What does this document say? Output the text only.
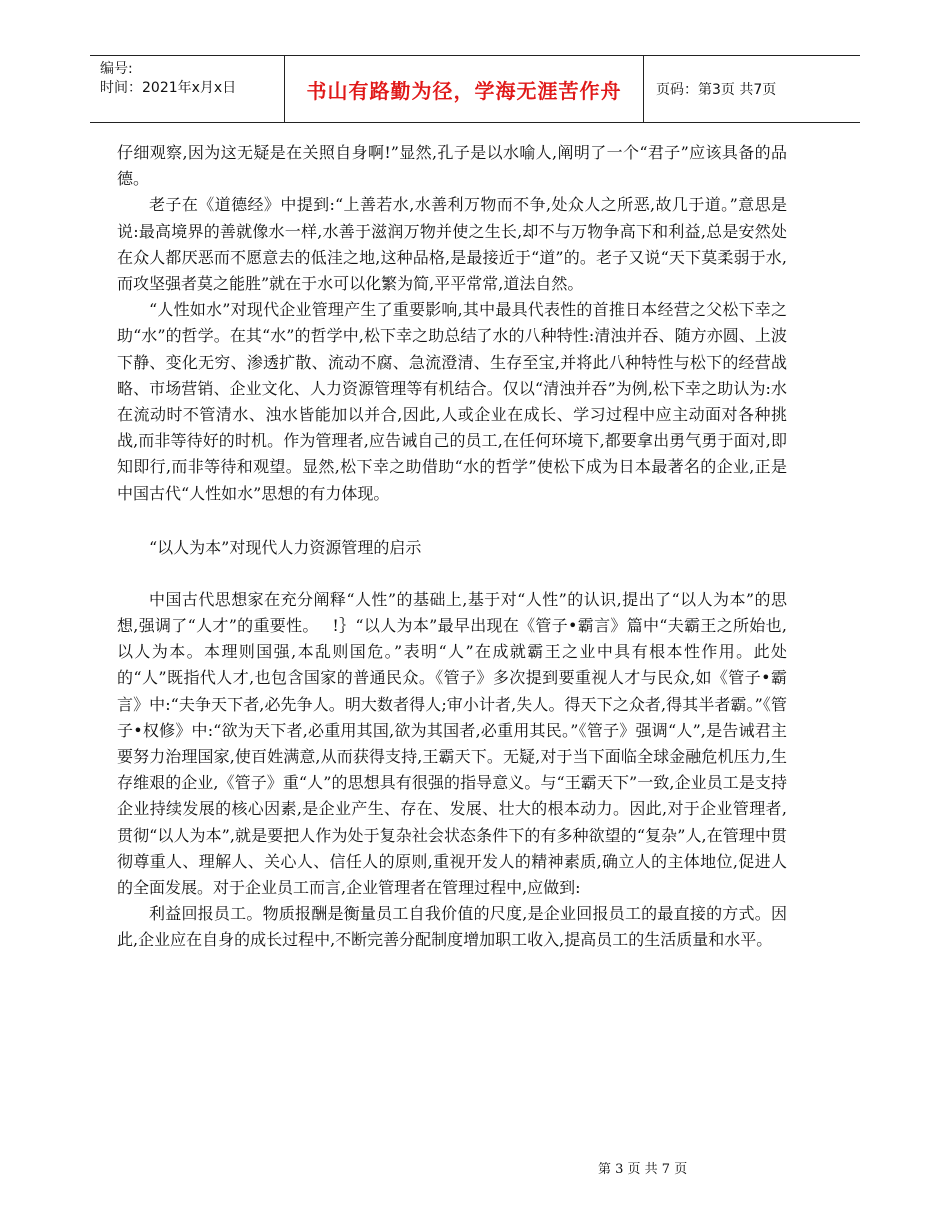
编号:
时间：2021年x月x日	书山有路勤为径，学海无涯苦作舟	页码：第3页 共7页

仔细观察,因为这无疑是在关照自身啊!”显然,孔子是以水喻人,阐明了一个“君子”应该具备的品德。

老子在《道德经》中提到:“上善若水,水善利万物而不争,处众人之所恶,故几于道。”意思是说:最高境界的善就像水一样,水善于滋润万物并使之生长,却不与万物争高下和利益,总是安然处在众人都厌恶而不愿意去的低洼之地,这种品格,是最接近于“道”的。老子又说“天下莫柔弱于水,而攻坚强者莫之能胜”就在于水可以化繁为简,平平常常,道法自然。

“人性如水”对现代企业管理产生了重要影响,其中最具代表性的首推日本经营之父松下幸之助“水”的哲学。在其“水”的哲学中,松下幸之助总结了水的八种特性:清浊并吞、随方亦圆、上波下静、变化无穷、渗透扩散、流动不腐、急流澄清、生存至宝,并将此八种特性与松下的经营战略、市场营销、企业文化、人力资源管理等有机结合。仅以“清浊并吞”为例,松下幸之助认为:水在流动时不管清水、浊水皆能加以并合,因此,人或企业在成长、学习过程中应主动面对各种挑战,而非等待好的时机。作为管理者,应告诫自己的员工,在任何环境下,都要拿出勇气勇于面对,即知即行,而非等待和观望。显然,松下幸之助借助“水的哲学”使松下成为日本最著名的企业,正是中国古代“人性如水”思想的有力体现。

“以人为本”对现代人力资源管理的启示

中国古代思想家在充分阐释“人性”的基础上,基于对“人性”的认识,提出了“以人为本”的思想,强调了“人才”的重要性。　 !｝“以人为本”最早出现在《管子•霸言》篇中“夫霸王之所始也,以人为本。本理则国强,本乱则国危。”表明“人”在成就霸王之业中具有根本性作用。此处的“人”既指代人才,也包含国家的普通民众。《管子》多次提到要重视人才与民众,如《管子•霸言》中:“夫争天下者,必先争人。明大数者得人;审小计者,失人。得天下之众者,得其半者霸。”《管子•权修》中:“欲为天下者,必重用其国,欲为其国者,必重用其民。”《管子》强调“人”,是告诫君主要努力治理国家,使百姓满意,从而获得支持,王霸天下。无疑,对于当下面临全球金融危机压力,生存维艰的企业,《管子》重“人”的思想具有很强的指导意义。与“王霸天下”一致,企业员工是支持企业持续发展的核心因素,是企业产生、存在、发展、壮大的根本动力。因此,对于企业管理者,贯彻“以人为本”,就是要把人作为处于复杂社会状态条件下的有多种欲望的“复杂”人,在管理中贯彻尊重人、理解人、关心人、信任人的原则,重视开发人的精神素质,确立人的主体地位,促进人的全面发展。对于企业员工而言,企业管理者在管理过程中,应做到:

利益回报员工。物质报酬是衡量员工自我价值的尺度,是企业回报员工的最直接的方式。因此,企业应在自身的成长过程中,不断完善分配制度增加职工收入,提高员工的生活质量和水平。

第 3 页 共 7 页
